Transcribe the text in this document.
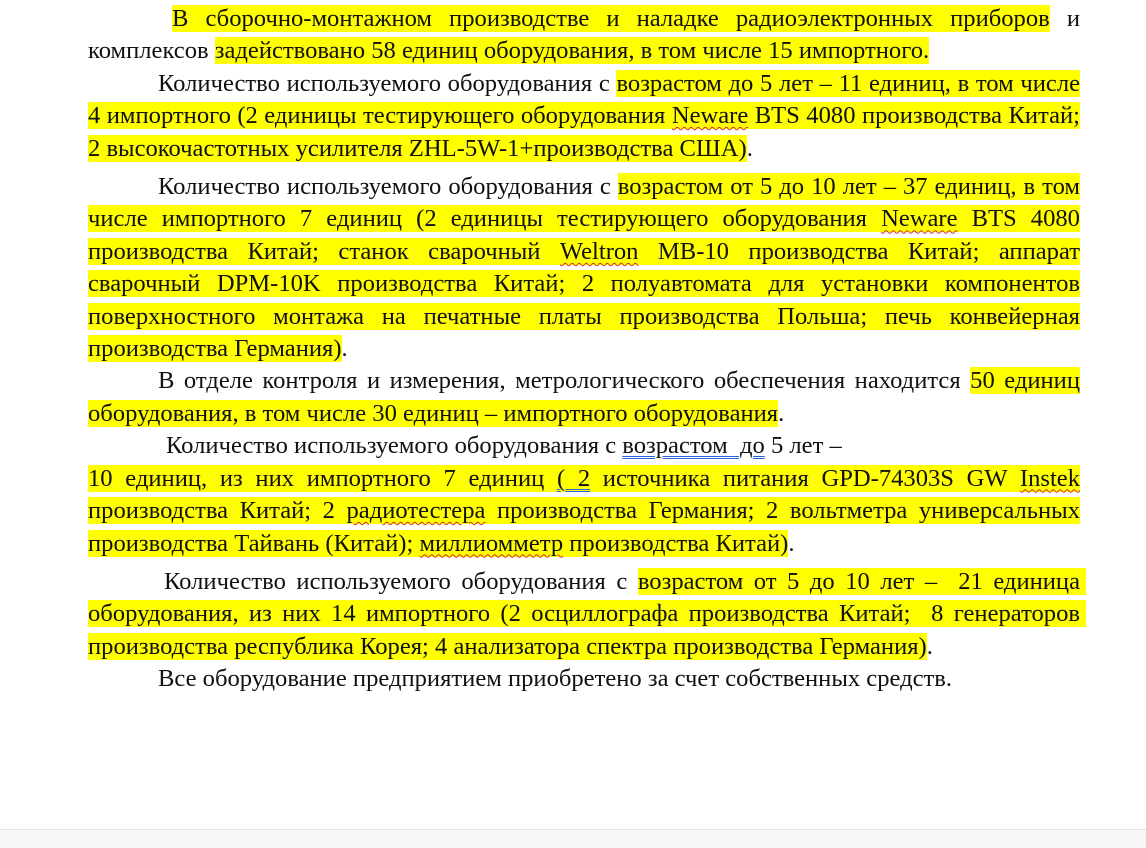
В сборочно-монтажном производстве и наладке радиоэлектронных приборов и комплексов задействовано 58 единиц оборудования, в том числе 15 импортного.

Количество используемого оборудования с возрастом до 5 лет – 11 единиц, в том числе 4 импортного (2 единицы тестирующего оборудования Neware BTS 4080 производства Китай; 2 высокочастотных усилителя ZHL-5W-1+производства США).

Количество используемого оборудования с возрастом от 5 до 10 лет – 37 единиц, в том числе импортного 7 единиц (2 единицы тестирующего оборудования Neware BTS 4080 производства Китай; станок сварочный Weltron MB-10 производства Китай; аппарат сварочный DPM-10K производства Китай; 2 полуавтомата для установки компонентов поверхностного монтажа на печатные платы производства Польша; печь конвейерная производства Германия).

В отделе контроля и измерения, метрологического обеспечения находится 50 единиц оборудования, в том числе 30 единиц – импортного оборудования.

Количество используемого оборудования с возрастом  до 5 лет –

10 единиц, из них импортного 7 единиц ( 2 источника питания GPD-74303S GW Instek производства Китай; 2 радиотестера производства Германия; 2 вольтметра универсальных производства Тайвань (Китай); миллиомметр производства Китай).

Количество используемого оборудования с возрастом от 5 до 10 лет –  21 единица оборудования, из них 14 импортного (2 осциллографа производства Китай;  8 генераторов производства республика Корея; 4 анализатора спектра производства Германия).

Все оборудование предприятием приобретено за счет собственных средств.
